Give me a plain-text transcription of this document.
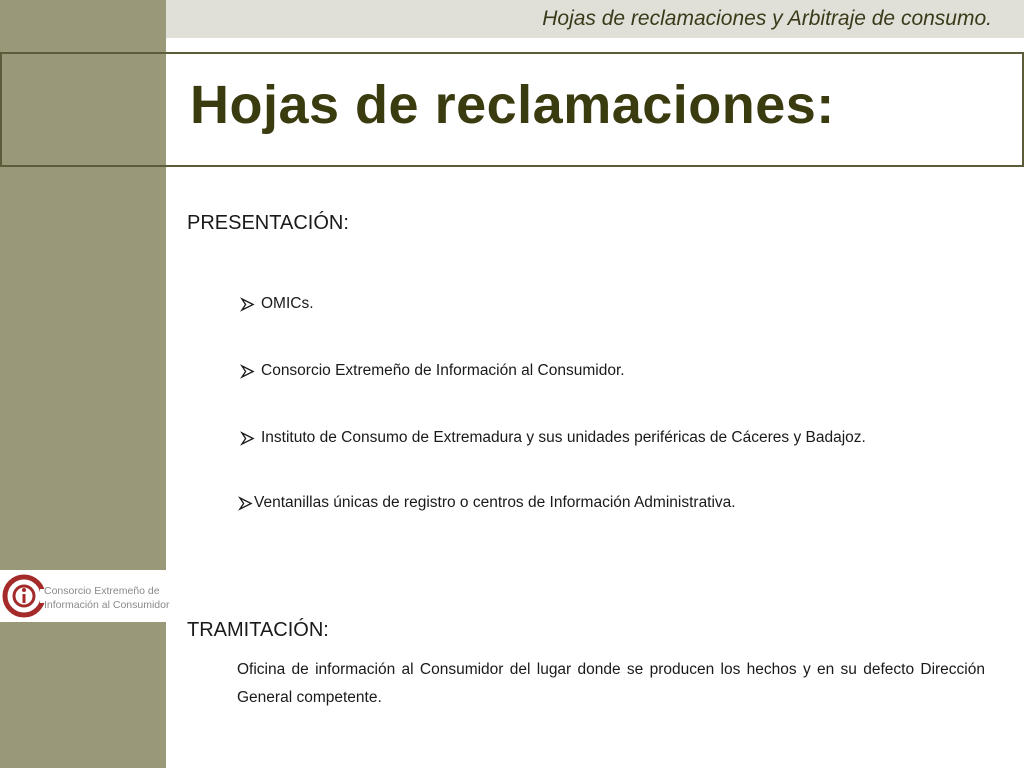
Hojas de reclamaciones y Arbitraje de consumo.
Hojas de reclamaciones:
PRESENTACIÓN:
OMICs.
Consorcio Extremeño de Información al Consumidor.
Instituto de Consumo de Extremadura y sus unidades periféricas de Cáceres y Badajoz.
Ventanillas únicas de registro o centros de Información Administrativa.
TRAMITACIÓN:
Oficina de información al Consumidor del lugar donde se producen los hechos y en su defecto Dirección General competente.
Consorcio Extremeño de
Información al Consumidor
